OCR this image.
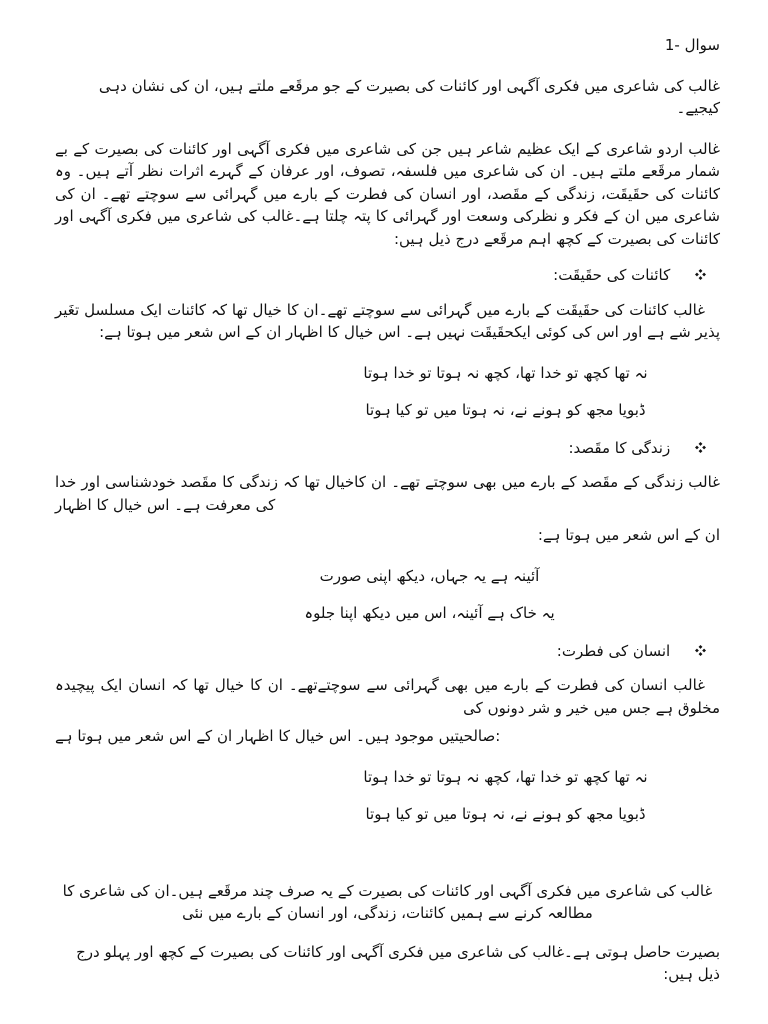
سوال -1

غالب کی شاعری میں فکری آگہی اور کائنات کی بصیرت کے جو مرقَعے ملتے ہیں، ان کی نشان دہی کیجیے۔

غالب اردو شاعری کے ایک عظیم شاعر ہیں جن کی شاعری میں فکری آگہی اور کائنات کی بصیرت کے بے شمار مرقَعے ملتے ہیں۔ ان کی شاعری میں فلسفہ، تصوف، اور عرفان کے گہرے اثرات نظر آتے ہیں۔ وہ کائنات کی حقَیقَت، زندگی کے مقَصد، اور انسان کی فطرت کے بارے میں گہرائی سے سوچتے تھے۔ ان کی شاعری میں ان کے فکر و نظرکی وسعت اور گہرائی کا پتہ چلتا ہے۔غالب کی شاعری میں فکری آگہی اور کائنات کی بصیرت کے کچھ اہم مرقَعے درج ذیل ہیں:

کائنات کی حقَیقَت:

غالب کائنات کی حقَیقَت کے بارے میں گہرائی سے سوچتے تھے۔ان کا خیال تھا کہ کائنات ایک مسلسل تغَیر پذیر شے ہے اور اس کی کوئی ایکحقَیقَت نہیں ہے۔ اس خیال کا اظہار ان کے اس شعر میں ہوتا ہے:

نہ تھا کچھ تو خدا تھا، کچھ نہ ہوتا تو خدا ہوتا

ڈبویا مجھ کو ہونے نے، نہ ہوتا میں تو کیا ہوتا

زندگی کا مقَصد:

غالب زندگی کے مقَصد کے بارے میں بھی سوچتے تھے۔ ان کاخیال تھا کہ زندگی کا مقَصد خودشناسی اور خدا کی معرفت ہے۔ اس خیال کا اظہار

ان کے اس شعر میں ہوتا ہے:

آئینہ ہے یہ جہاں، دیکھ اپنی صورت

یہ خاک ہے آئینہ، اس میں دیکھ اپنا جلوہ

انسان کی فطرت:

غالب انسان کی فطرت کے بارے میں بھی گہرائی سے سوچتےتھے۔ ان کا خیال تھا کہ انسان ایک پیچیدہ مخلوق ہے جس میں خیر و شر دونوں کی

صالحیتیں موجود ہیں۔ اس خیال کا اظہار ان کے اس شعر میں ہوتا ہے:

نہ تھا کچھ تو خدا تھا، کچھ نہ ہوتا تو خدا ہوتا

ڈبویا مجھ کو ہونے نے، نہ ہوتا میں تو کیا ہوتا

غالب کی شاعری میں فکری آگہی اور کائنات کی بصیرت کے یہ صرف چند مرقَعے ہیں۔ان کی شاعری کا مطالعہ کرنے سے ہمیں کائنات، زندگی، اور انسان کے بارے میں نئی

بصیرت حاصل ہوتی ہے۔غالب کی شاعری میں فکری آگہی اور کائنات کی بصیرت کے کچھ اور پہلو درج ذیل ہیں:
